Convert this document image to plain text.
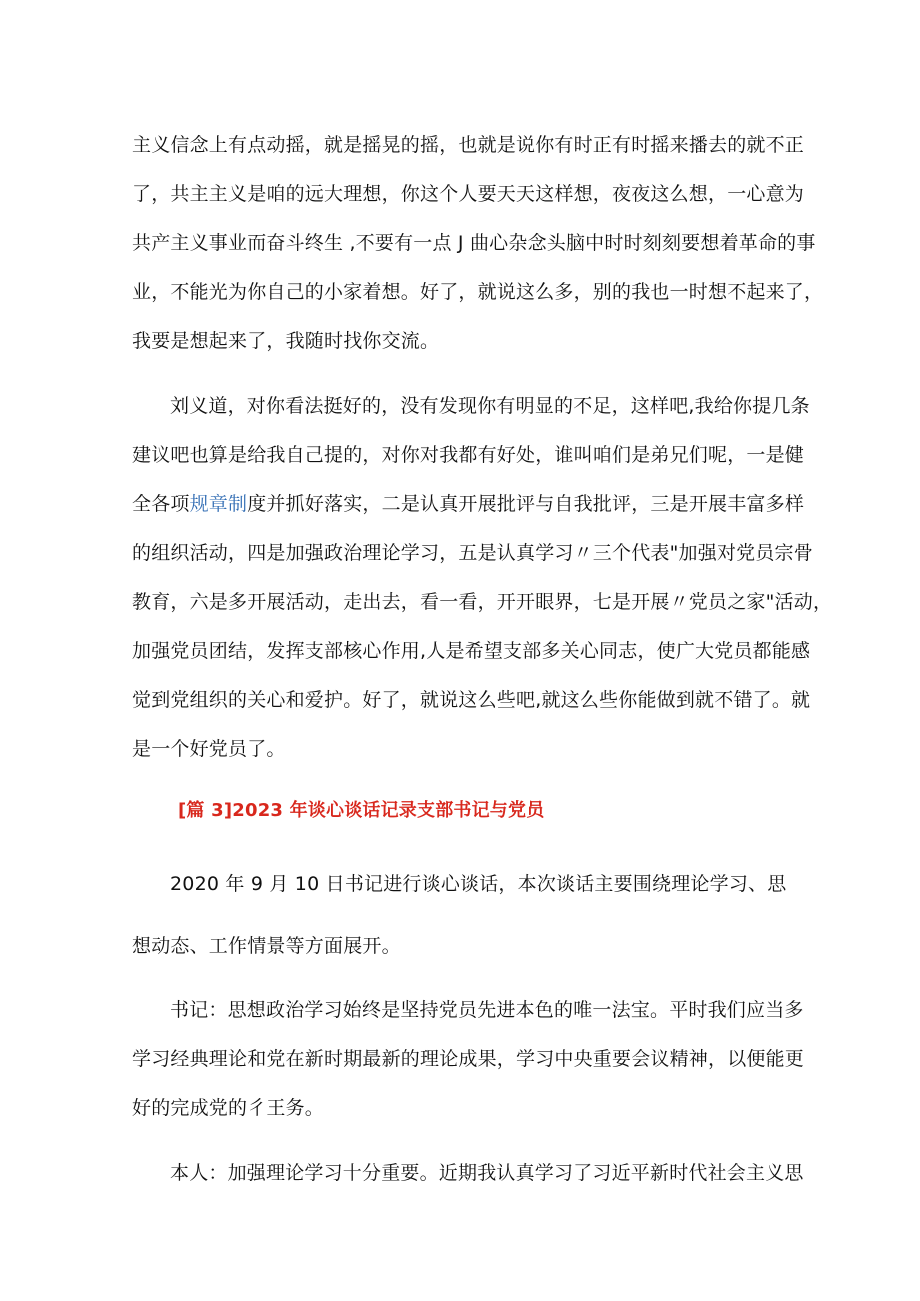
主义信念上有点动摇，就是摇晃的摇，也就是说你有时正有时摇来播去的就不正
了，共主主义是咱的远大理想，你这个人要天天这样想，夜夜这么想，一心意为
共产主义事业而奋斗终生 ,不要有一点 J 曲心杂念头脑中时时刻刻要想着革命的事
业，不能光为你自己的小家着想。好了，就说这么多，别的我也一时想不起来了，
我要是想起来了，我随时找你交流。
刘义道，对你看法挺好的，没有发现你有明显的不足，这样吧,我给你提几条
建议吧也算是给我自己提的，对你对我都有好处，谁叫咱们是弟兄们呢，一是健
全各项规章制度并抓好落实，二是认真开展批评与自我批评，三是开展丰富多样
的组织活动，四是加强政治理论学习，五是认真学习〃三个代表"加强对党员宗骨
教育，六是多开展活动，走出去，看一看，开开眼界，七是开展〃党员之家"活动，
加强党员团结，发挥支部核心作用,人是希望支部多关心同志，使广大党员都能感
觉到党组织的关心和爱护。好了，就说这么些吧,就这么些你能做到就不错了。就
是一个好党员了。
[篇 3]2023 年谈心谈话记录支部书记与党员
2020 年 9 月 10 日书记进行谈心谈话，本次谈话主要围绕理论学习、思
想动态、工作情景等方面展开。
书记：思想政治学习始终是坚持党员先进本色的唯一法宝。平时我们应当多
学习经典理论和党在新时期最新的理论成果，学习中央重要会议精神，以便能更
好的完成党的彳王务。
本人：加强理论学习十分重要。近期我认真学习了习近平新时代社会主义思
